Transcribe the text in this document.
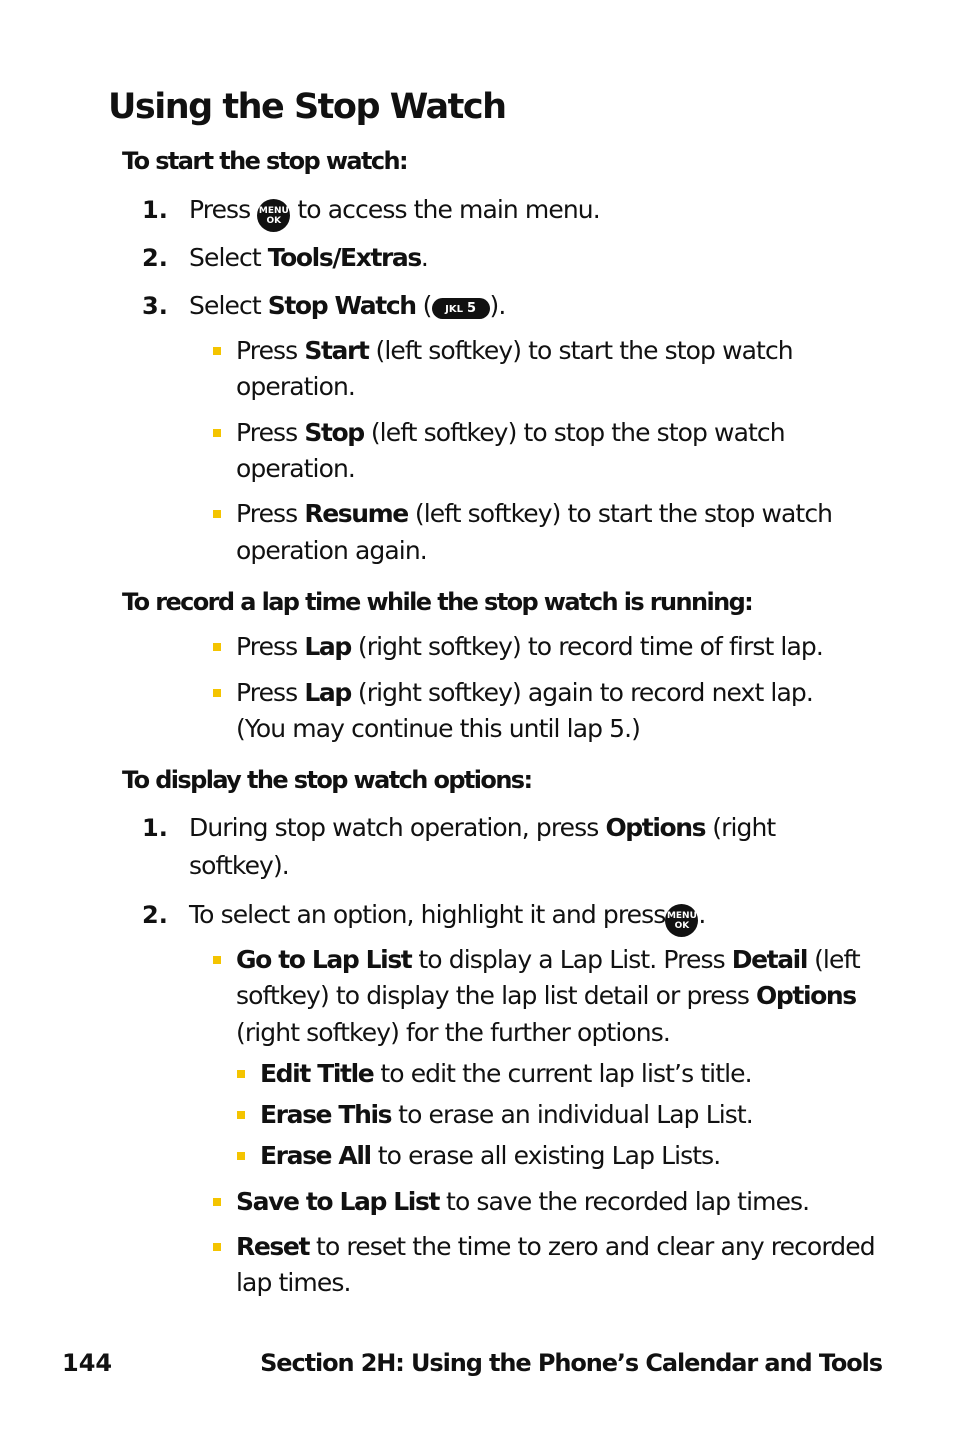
Using the Stop Watch
To start the stop watch:
1. Press MENU
OK to access the main menu.

2. Select Tools/Extras.

3. Select Stop Watch ( JKL 5 ).

Press Start (left softkey) to start the stop watch

operation.

Press Stop (left softkey) to stop the stop watch

operation.

Press Resume (left softkey) to start the stop watch

operation again.

To record a lap time while the stop watch is running:

Press Lap (right softkey) to record time of first lap.

Press Lap (right softkey) again to record next lap.

(You may continue this until lap 5.)

To display the stop watch options:
1. During stop watch operation, press Options (right

softkey).

2. To select an option, highlight it and press MENU
OK .

Go to Lap List to display a Lap List. Press Detail (left

softkey) to display the lap list detail or press Options

(right softkey) for the further options.

Edit Title to edit the current lap list’s title.

Erase This to erase an individual Lap List.

Erase All to erase all existing Lap Lists.

Save to Lap List to save the recorded lap times.

Reset to reset the time to zero and clear any recorded

lap times.

144	Section 2H: Using the Phone’s Calendar and Tools
